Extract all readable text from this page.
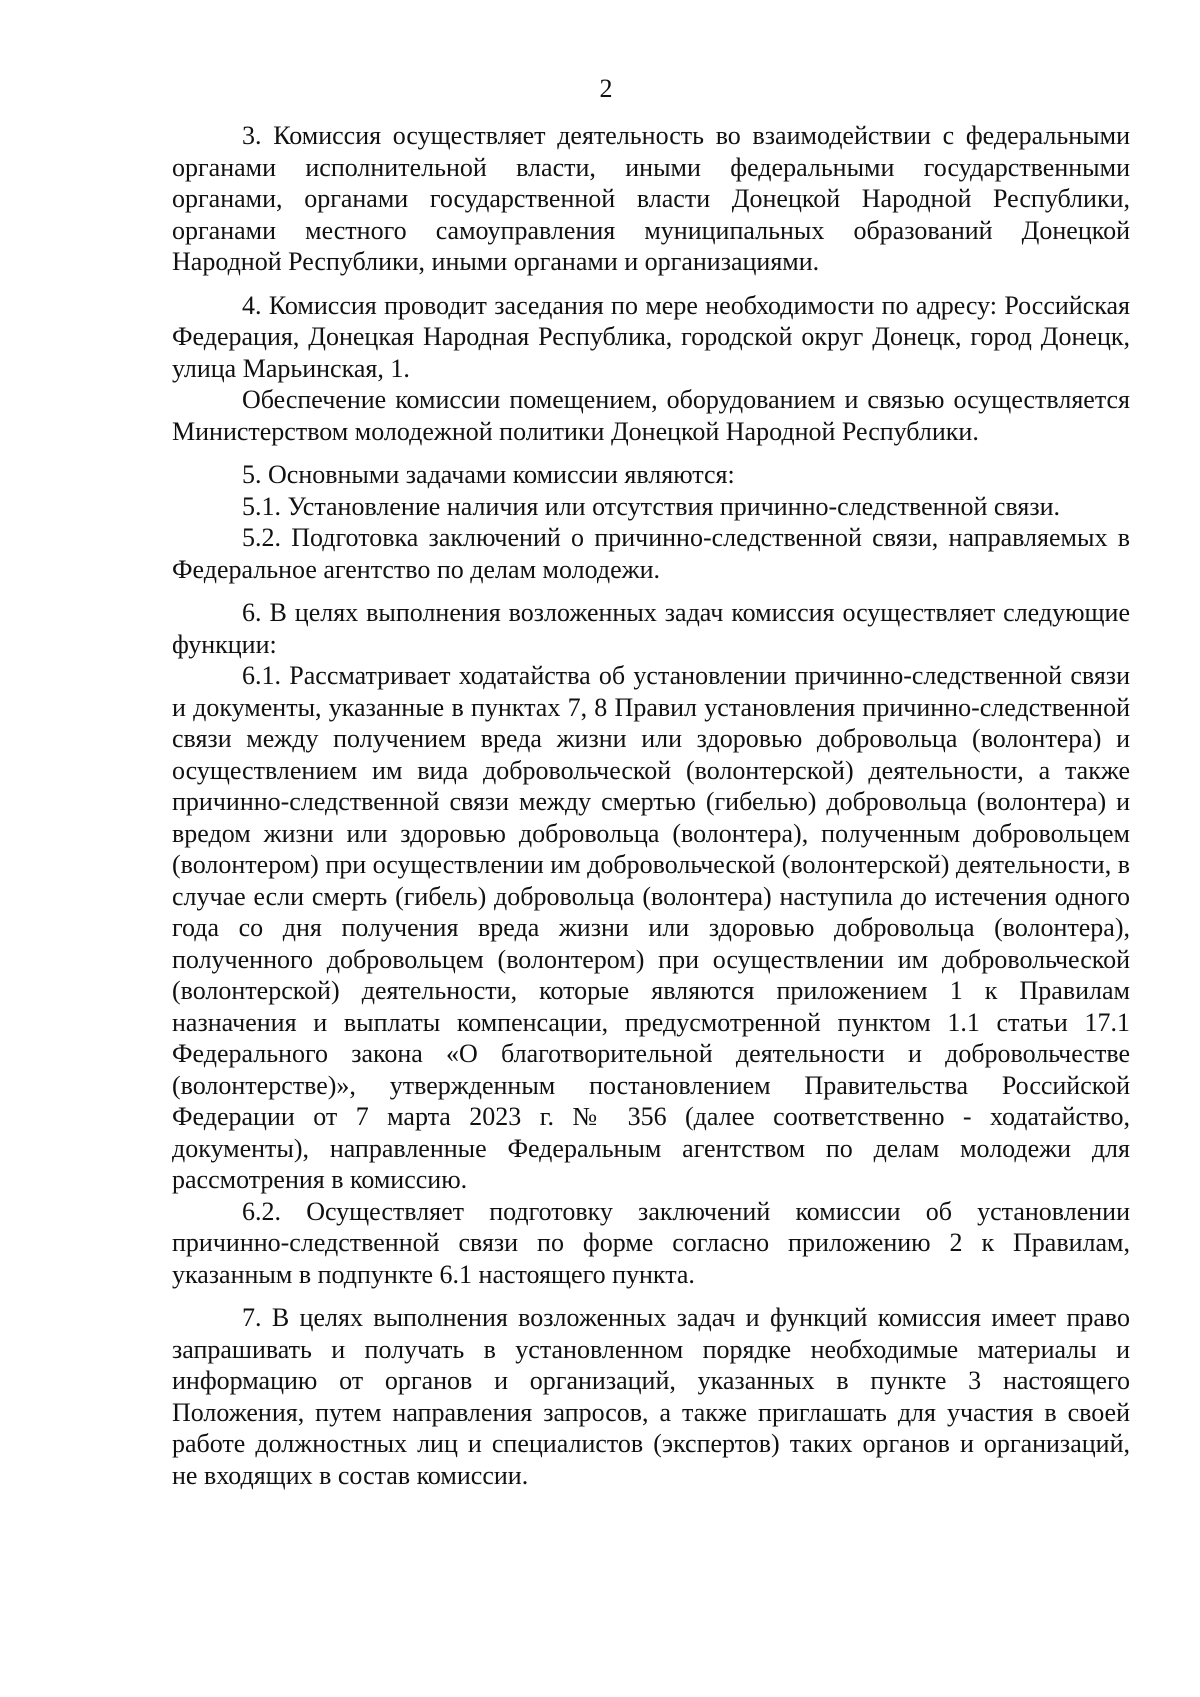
2

3. Комиссия осуществляет деятельность во взаимодействии с федеральными органами исполнительной власти, иными федеральными государственными органами, органами государственной власти Донецкой Народной Республики, органами местного самоуправления муниципальных образований Донецкой Народной Республики, иными органами и организациями.

4. Комиссия проводит заседания по мере необходимости по адресу: Российская Федерация, Донецкая Народная Республика, городской округ Донецк, город Донецк, улица Марьинская, 1.

Обеспечение комиссии помещением, оборудованием и связью осуществляется Министерством молодежной политики Донецкой Народной Республики.

5. Основными задачами комиссии являются:

5.1. Установление наличия или отсутствия причинно-следственной связи.

5.2. Подготовка заключений о причинно-следственной связи, направляемых в Федеральное агентство по делам молодежи.

6. В целях выполнения возложенных задач комиссия осуществляет следующие функции:

6.1. Рассматривает ходатайства об установлении причинно-следственной связи и документы, указанные в пунктах 7, 8 Правил установления причинно-следственной связи между получением вреда жизни или здоровью добровольца (волонтера) и осуществлением им вида добровольческой (волонтерской) деятельности, а также причинно-следственной связи между смертью (гибелью) добровольца (волонтера) и вредом жизни или здоровью добровольца (волонтера), полученным добровольцем (волонтером) при осуществлении им добровольческой (волонтерской) деятельности, в случае если смерть (гибель) добровольца (волонтера) наступила до истечения одного года со дня получения вреда жизни или здоровью добровольца (волонтера), полученного добровольцем (волонтером) при осуществлении им добровольческой (волонтерской) деятельности, которые являются приложением 1 к Правилам назначения и выплаты компенсации, предусмотренной пунктом 1.1 статьи 17.1 Федерального закона «О благотворительной деятельности и добровольчестве (волонтерстве)», утвержденным постановлением Правительства Российской Федерации от 7 марта 2023 г. № 356 (далее соответственно - ходатайство, документы), направленные Федеральным агентством по делам молодежи для рассмотрения в комиссию.

6.2. Осуществляет подготовку заключений комиссии об установлении причинно-следственной связи по форме согласно приложению 2 к Правилам, указанным в подпункте 6.1 настоящего пункта.

7. В целях выполнения возложенных задач и функций комиссия имеет право запрашивать и получать в установленном порядке необходимые материалы и информацию от органов и организаций, указанных в пункте 3 настоящего Положения, путем направления запросов, а также приглашать для участия в своей работе должностных лиц и специалистов (экспертов) таких органов и организаций, не входящих в состав комиссии.
